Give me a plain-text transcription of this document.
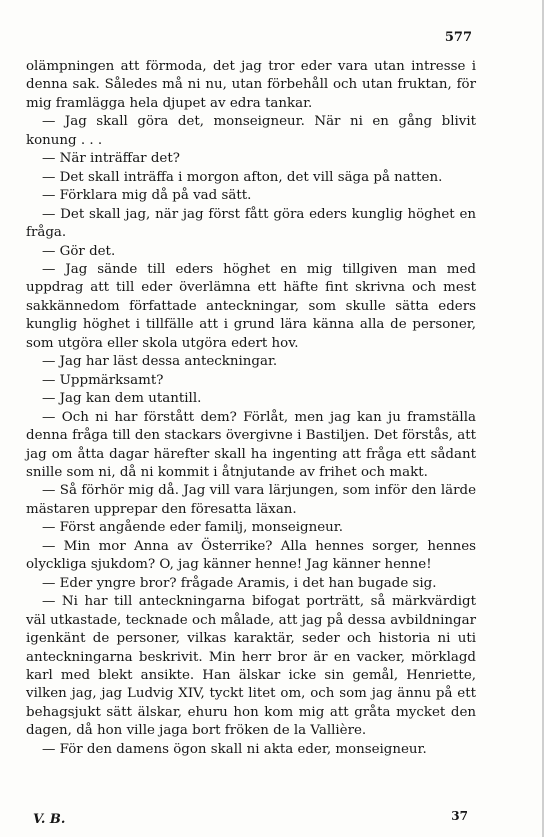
577

olämpningen att förmoda, det jag tror eder vara utan intresse i denna sak. Således må ni nu, utan förbehåll och utan fruktan, för mig framlägga hela djupet av edra tankar.

— Jag skall göra det, monseigneur. När ni en gång blivit konung . . .

— När inträffar det?

— Det skall inträffa i morgon afton, det vill säga på natten.

— Förklara mig då på vad sätt.

— Det skall jag, när jag först fått göra eders kunglig höghet en fråga.

— Gör det.

— Jag sände till eders höghet en mig tillgiven man med uppdrag att till eder överlämna ett häfte fint skrivna och mest sakkännedom författade anteckningar, som skulle sätta eders kunglig höghet i tillfälle att i grund lära känna alla de personer, som utgöra eller skola utgöra edert hov.

— Jag har läst dessa anteckningar.

— Uppmärksamt?

— Jag kan dem utantill.

— Och ni har förstått dem? Förlåt, men jag kan ju framställa denna fråga till den stackars övergivne i Bastiljen. Det förstås, att jag om åtta dagar härefter skall ha ingenting att fråga ett sådant snille som ni, då ni kommit i åtnjutande av frihet och makt.

— Så förhör mig då. Jag vill vara lärjungen, som inför den lärde mästaren upprepar den föresatta läxan.

— Först angående eder familj, monseigneur.

— Min mor Anna av Österrike? Alla hennes sorger, hennes olyckliga sjukdom? O, jag känner henne! Jag känner henne!

— Eder yngre bror? frågade Aramis, i det han bugade sig.

— Ni har till anteckningarna bifogat porträtt, så märkvärdigt väl utkastade, tecknade och målade, att jag på dessa avbildningar igenkänt de personer, vilkas karaktär, seder och historia ni uti anteckningarna beskrivit. Min herr bror är en vacker, mörklagd karl med blekt ansikte. Han älskar icke sin gemål, Henriette, vilken jag, jag Ludvig XIV, tyckt litet om, och som jag ännu på ett behagsjukt sätt älskar, ehuru hon kom mig att gråta mycket den dagen, då hon ville jaga bort fröken de la Vallière.

— För den damens ögon skall ni akta eder, monseigneur.

V. B.	37
